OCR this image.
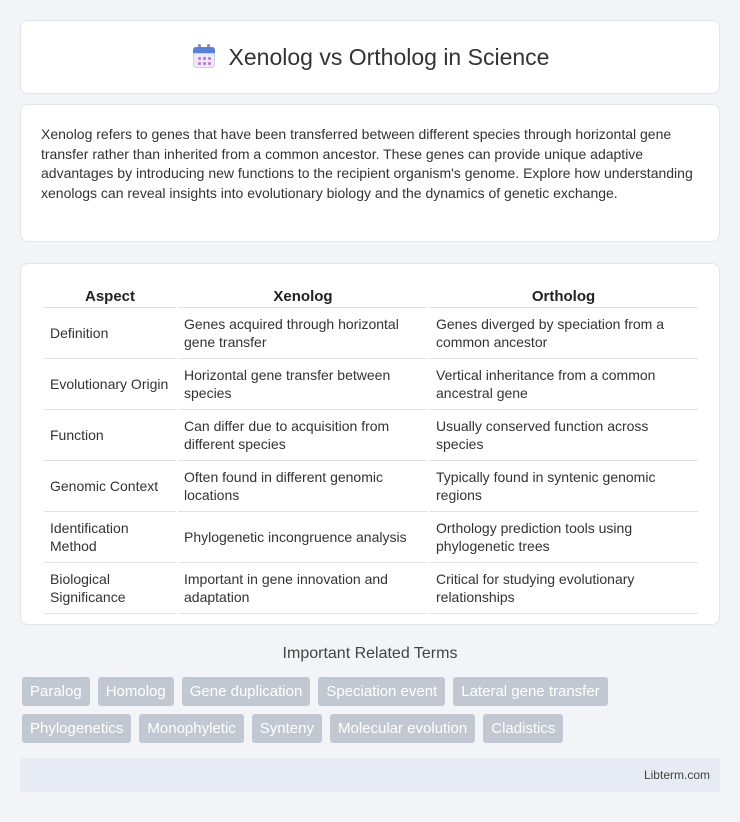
Xenolog vs Ortholog in Science

Xenolog refers to genes that have been transferred between different species through horizontal gene transfer rather than inherited from a common ancestor. These genes can provide unique adaptive advantages by introducing new functions to the recipient organism's genome. Explore how understanding xenologs can reveal insights into evolutionary biology and the dynamics of genetic exchange.

Aspect	Xenolog	Ortholog
Definition	Genes acquired through horizontal gene transfer	Genes diverged by speciation from a common ancestor
Evolutionary Origin	Horizontal gene transfer between species	Vertical inheritance from a common ancestral gene
Function	Can differ due to acquisition from different species	Usually conserved function across species
Genomic Context	Often found in different genomic locations	Typically found in syntenic genomic regions
Identification Method	Phylogenetic incongruence analysis	Orthology prediction tools using phylogenetic trees
Biological Significance	Important in gene innovation and adaptation	Critical for studying evolutionary relationships
Important Related Terms
Paralog	Homolog	Gene duplication	Speciation event	Lateral gene transfer
Phylogenetics	Monophyletic	Synteny	Molecular evolution	Cladistics
Libterm.com
